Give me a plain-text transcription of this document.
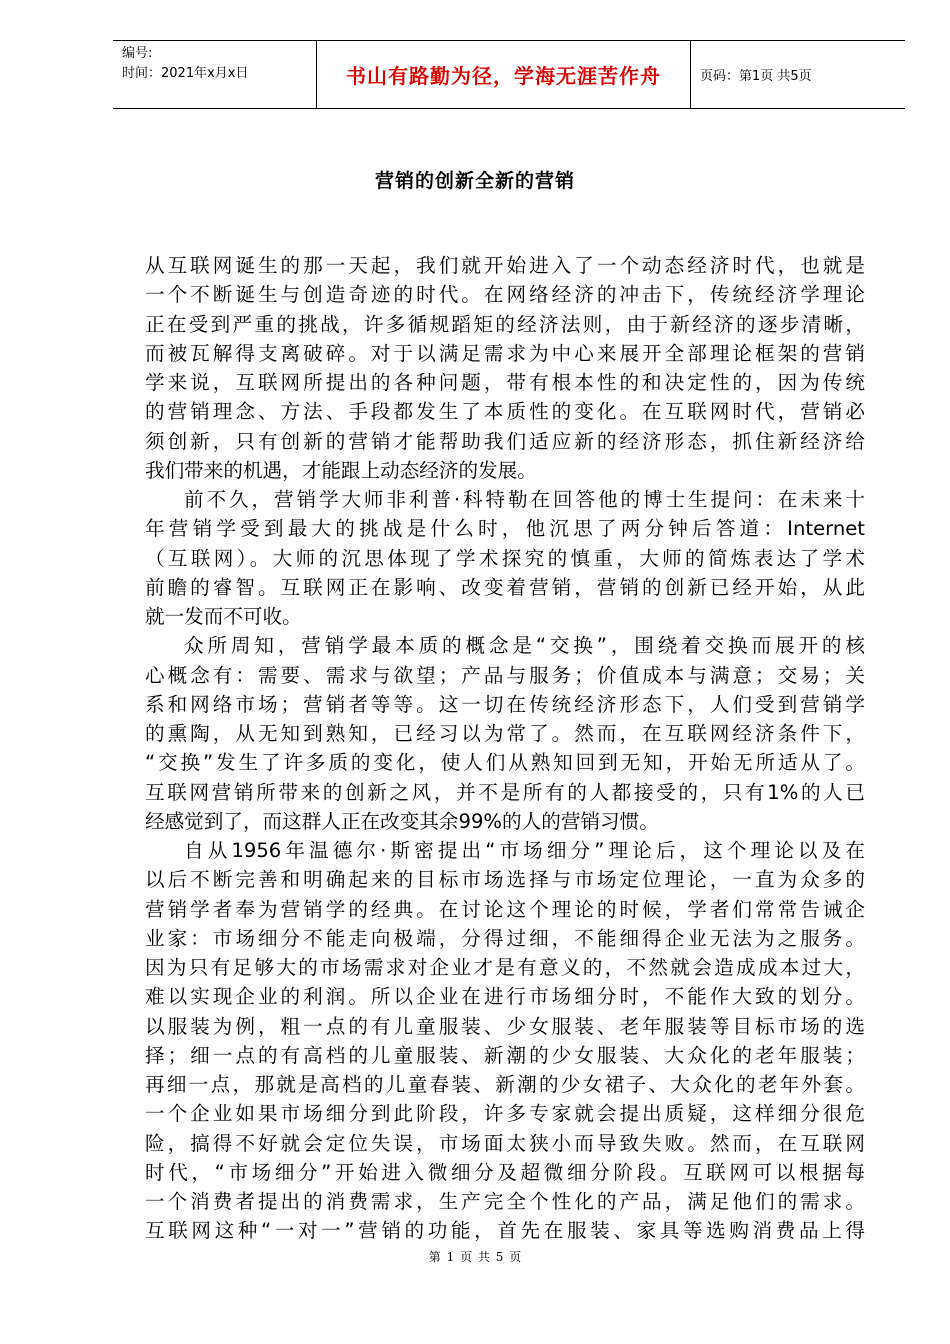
编号:
时间：2021年x月x日	书山有路勤为径，学海无涯苦作舟	页码：第1页 共5页
营销的创新全新的营销
从互联网诞生的那一天起，我们就开始进入了一个动态经济时代，也就是
一个不断诞生与创造奇迹的时代。在网络经济的冲击下，传统经济学理论
正在受到严重的挑战，许多循规蹈矩的经济法则，由于新经济的逐步清晰，
而被瓦解得支离破碎。对于以满足需求为中心来展开全部理论框架的营销
学来说，互联网所提出的各种问题，带有根本性的和决定性的，因为传统
的营销理念、方法、手段都发生了本质性的变化。在互联网时代，营销必
须创新，只有创新的营销才能帮助我们适应新的经济形态，抓住新经济给
我们带来的机遇，才能跟上动态经济的发展。
前不久，营销学大师非利普·科特勒在回答他的博士生提问：在未来十
年营销学受到最大的挑战是什么时，他沉思了两分钟后答道：Internet
（互联网）。大师的沉思体现了学术探究的慎重，大师的简炼表达了学术
前瞻的睿智。互联网正在影响、改变着营销，营销的创新已经开始，从此
就一发而不可收。
众所周知，营销学最本质的概念是“交换”，围绕着交换而展开的核
心概念有：需要、需求与欲望；产品与服务；价值成本与满意；交易；关
系和网络市场；营销者等等。这一切在传统经济形态下，人们受到营销学
的熏陶，从无知到熟知，已经习以为常了。然而，在互联网经济条件下，
“交换”发生了许多质的变化，使人们从熟知回到无知，开始无所适从了。
互联网营销所带来的创新之风，并不是所有的人都接受的，只有1%的人已
经感觉到了，而这群人正在改变其余99%的人的营销习惯。
自从1956年温德尔·斯密提出“市场细分”理论后，这个理论以及在
以后不断完善和明确起来的目标市场选择与市场定位理论，一直为众多的
营销学者奉为营销学的经典。在讨论这个理论的时候，学者们常常告诫企
业家：市场细分不能走向极端，分得过细，不能细得企业无法为之服务。
因为只有足够大的市场需求对企业才是有意义的，不然就会造成成本过大，
难以实现企业的利润。所以企业在进行市场细分时，不能作大致的划分。
以服装为例，粗一点的有儿童服装、少女服装、老年服装等目标市场的选
择；细一点的有高档的儿童服装、新潮的少女服装、大众化的老年服装；
再细一点，那就是高档的儿童春装、新潮的少女裙子、大众化的老年外套。
一个企业如果市场细分到此阶段，许多专家就会提出质疑，这样细分很危
险，搞得不好就会定位失误，市场面太狭小而导致失败。然而，在互联网
时代，“市场细分”开始进入微细分及超微细分阶段。互联网可以根据每
一个消费者提出的消费需求，生产完全个性化的产品，满足他们的需求。
互联网这种“一对一”营销的功能，首先在服装、家具等选购消费品上得
第 1 页 共 5 页
